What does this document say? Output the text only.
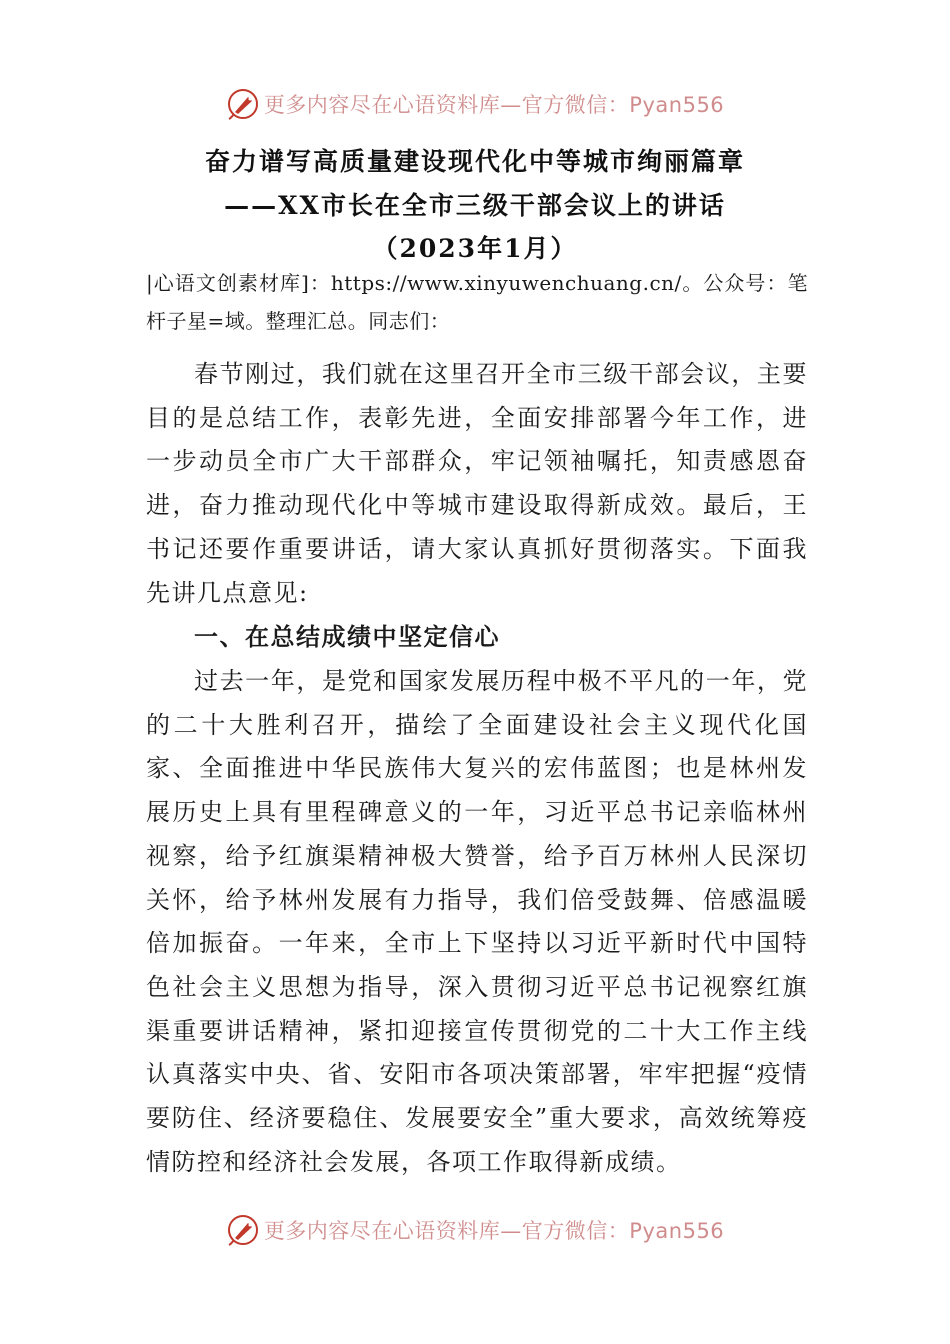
更多内容尽在心语资料库—官方微信：Pyan556
奋力谱写高质量建设现代化中等城市绚丽篇章
——XX市长在全市三级干部会议上的讲话
（2023年1月）
|心语文创素材库]：https://www.xinyuwenchuang.cn/。公众号：笔杆子星=域。整理汇总。同志们：
春节刚过，我们就在这里召开全市三级干部会议，主要目的是总结工作，表彰先进，全面安排部署今年工作，进一步动员全市广大干部群众，牢记领袖嘱托，知责感恩奋进，奋力推动现代化中等城市建设取得新成效。最后，王书记还要作重要讲话，请大家认真抓好贯彻落实。下面我先讲几点意见:
一、在总结成绩中坚定信心
过去一年，是党和国家发展历程中极不平凡的一年，党的二十大胜利召开，描绘了全面建设社会主义现代化国家、全面推进中华民族伟大复兴的宏伟蓝图；也是林州发展历史上具有里程碑意义的一年，习近平总书记亲临林州视察，给予红旗渠精神极大赞誉，给予百万林州人民深切关怀，给予林州发展有力指导，我们倍受鼓舞、倍感温暖倍加振奋。一年来，全市上下坚持以习近平新时代中国特色社会主义思想为指导，深入贯彻习近平总书记视察红旗渠重要讲话精神，紧扣迎接宣传贯彻党的二十大工作主线认真落实中央、省、安阳市各项决策部署，牢牢把握“疫情要防住、经济要稳住、发展要安全”重大要求，高效统筹疫情防控和经济社会发展，各项工作取得新成绩。
更多内容尽在心语资料库—官方微信：Pyan556
